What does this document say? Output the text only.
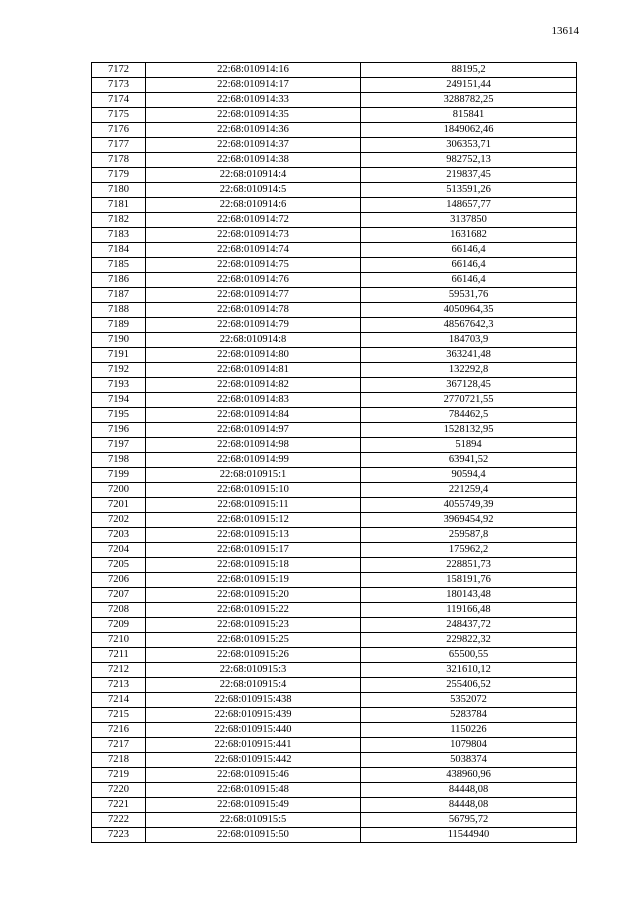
13614
7172	22:68:010914:16	88195,2
7173	22:68:010914:17	249151,44
7174	22:68:010914:33	3288782,25
7175	22:68:010914:35	815841
7176	22:68:010914:36	1849062,46
7177	22:68:010914:37	306353,71
7178	22:68:010914:38	982752,13
7179	22:68:010914:4	219837,45
7180	22:68:010914:5	513591,26
7181	22:68:010914:6	148657,77
7182	22:68:010914:72	3137850
7183	22:68:010914:73	1631682
7184	22:68:010914:74	66146,4
7185	22:68:010914:75	66146,4
7186	22:68:010914:76	66146,4
7187	22:68:010914:77	59531,76
7188	22:68:010914:78	4050964,35
7189	22:68:010914:79	48567642,3
7190	22:68:010914:8	184703,9
7191	22:68:010914:80	363241,48
7192	22:68:010914:81	132292,8
7193	22:68:010914:82	367128,45
7194	22:68:010914:83	2770721,55
7195	22:68:010914:84	784462,5
7196	22:68:010914:97	1528132,95
7197	22:68:010914:98	51894
7198	22:68:010914:99	63941,52
7199	22:68:010915:1	90594,4
7200	22:68:010915:10	221259,4
7201	22:68:010915:11	4055749,39
7202	22:68:010915:12	3969454,92
7203	22:68:010915:13	259587,8
7204	22:68:010915:17	175962,2
7205	22:68:010915:18	228851,73
7206	22:68:010915:19	158191,76
7207	22:68:010915:20	180143,48
7208	22:68:010915:22	119166,48
7209	22:68:010915:23	248437,72
7210	22:68:010915:25	229822,32
7211	22:68:010915:26	65500,55
7212	22:68:010915:3	321610,12
7213	22:68:010915:4	255406,52
7214	22:68:010915:438	5352072
7215	22:68:010915:439	5283784
7216	22:68:010915:440	1150226
7217	22:68:010915:441	1079804
7218	22:68:010915:442	5038374
7219	22:68:010915:46	438960,96
7220	22:68:010915:48	84448,08
7221	22:68:010915:49	84448,08
7222	22:68:010915:5	56795,72
7223	22:68:010915:50	11544940
